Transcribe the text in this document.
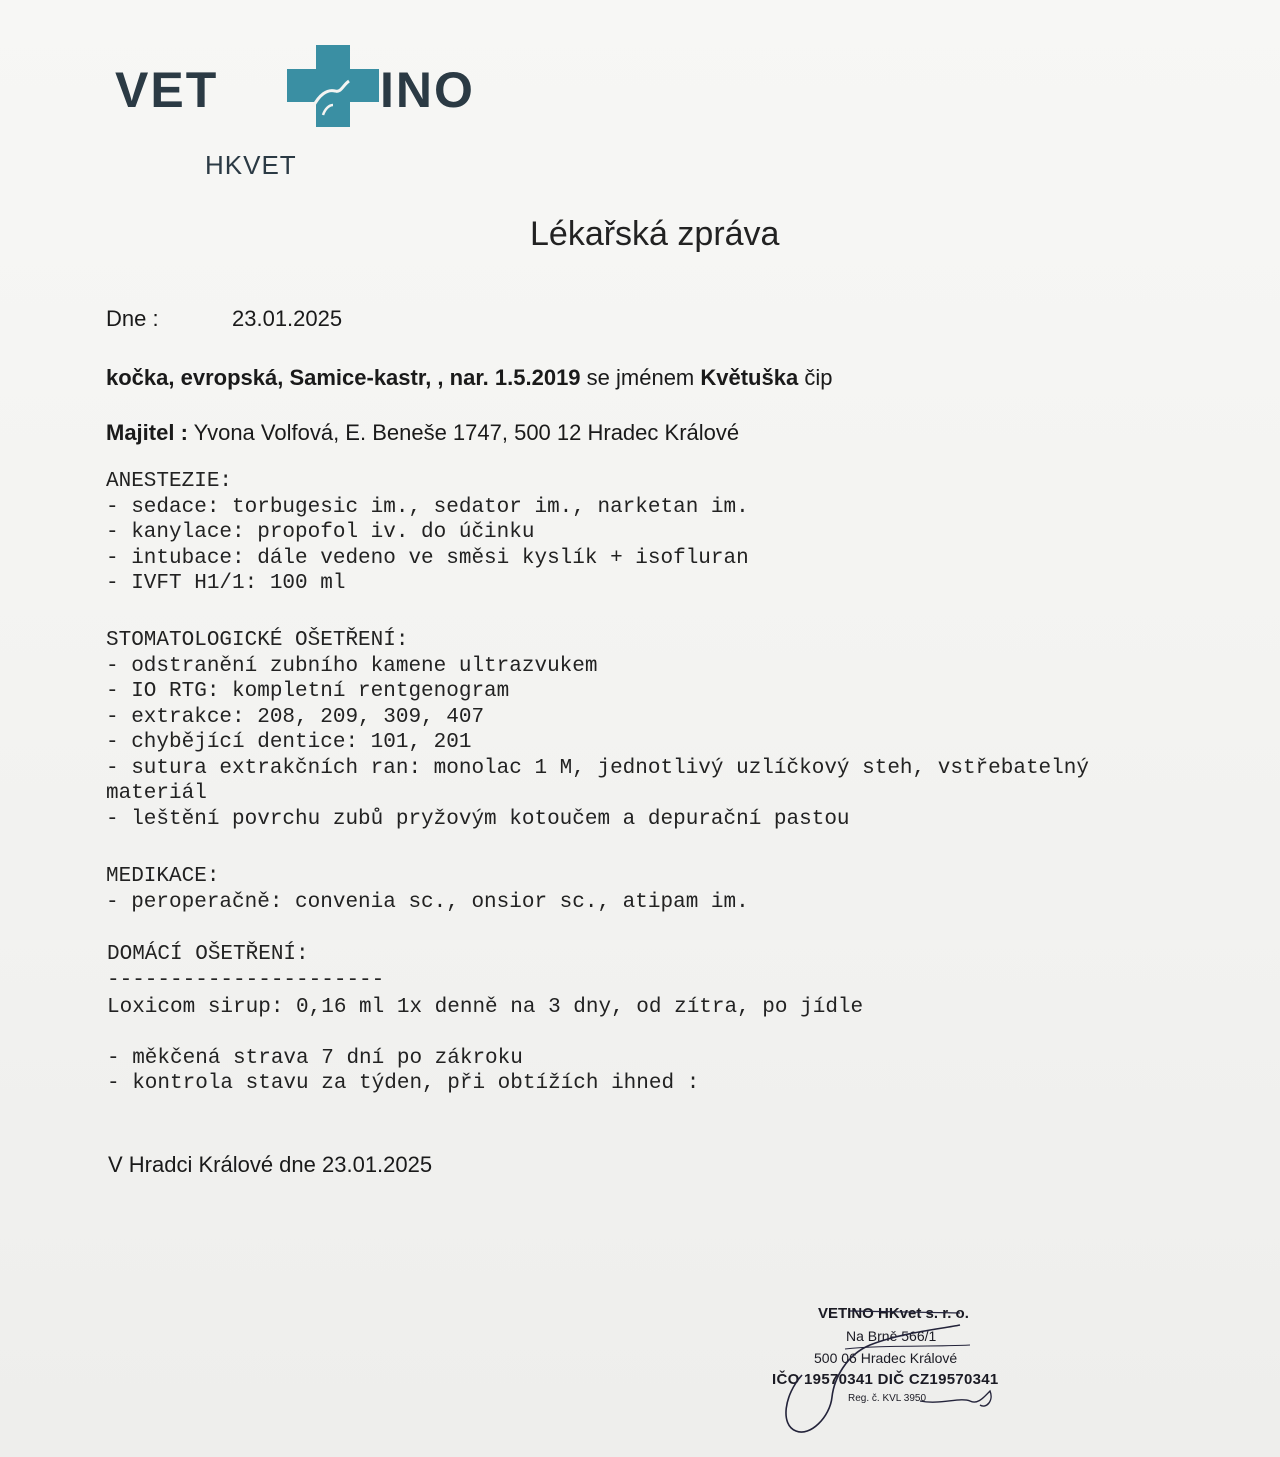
VET	INO
HKVET
Lékařská zpráva
Dne :	23.01.2025
kočka, evropská, Samice-kastr, , nar. 1.5.2019 se jménem Květuška čip
Majitel : Yvona Volfová, E. Beneše 1747, 500 12 Hradec Králové
ANESTEZIE:
- sedace: torbugesic im., sedator im., narketan im.
- kanylace: propofol iv. do účinku
- intubace: dále vedeno ve směsi kyslík + isofluran
- IVFT H1/1: 100 ml
STOMATOLOGICKÉ OŠETŘENÍ:
- odstranění zubního kamene ultrazvukem
- IO RTG: kompletní rentgenogram
- extrakce: 208, 209, 309, 407
- chybějící dentice: 101, 201
- sutura extrakčních ran: monolac 1 M, jednotlivý uzlíčkový steh, vstřebatelný
materiál
- leštění povrchu zubů pryžovým kotoučem a depurační pastou
MEDIKACE:
- peroperačně: convenia sc., onsior sc., atipam im.
DOMÁCÍ OŠETŘENÍ:
----------------------
Loxicom sirup: 0,16 ml 1x denně na 3 dny, od zítra, po jídle
- měkčená strava 7 dní po zákroku
- kontrola stavu za týden, při obtížích ihned :
V Hradci Králové dne 23.01.2025
VETINO HKvet s. r. o.
Na Brně 566/1
500 06 Hradec Králové
IČO 19570341 DIČ CZ19570341
Reg. č. KVL 3950
